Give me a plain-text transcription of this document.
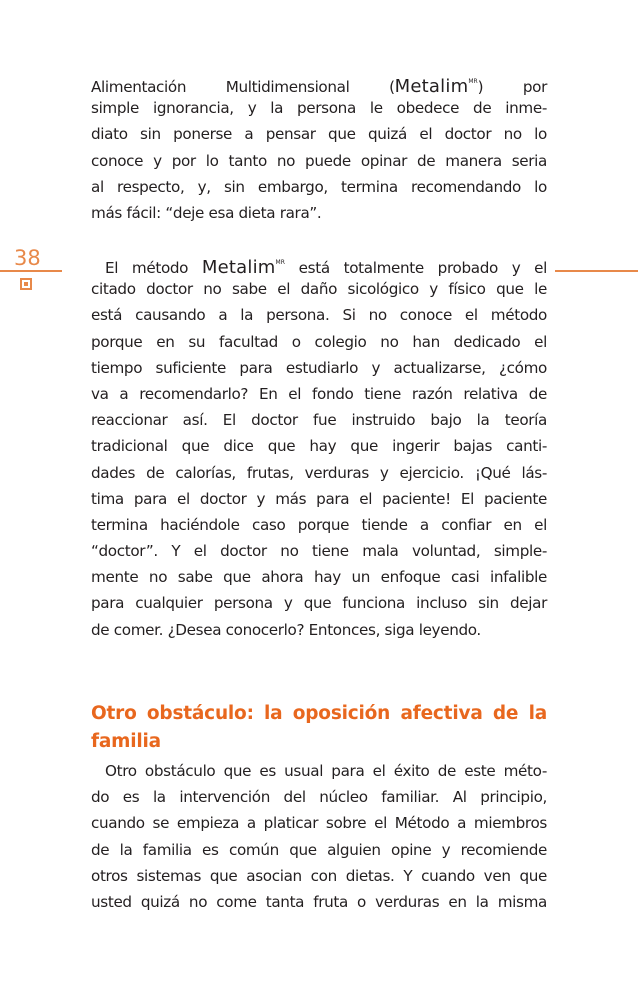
38
Alimentación Multidimensional (Metalim$^{MR}$) por
simple ignorancia, y la persona le obedece de inme-
diato sin ponerse a pensar que quizá el doctor no lo
conoce y por lo tanto no puede opinar de manera seria
al respecto, y, sin embargo, termina recomendando lo
más fácil: “deje esa dieta rara”.
El método Metalim$^{MR}$ está totalmente probado y el
citado doctor no sabe el daño sicológico y físico que le
está causando a la persona. Si no conoce el método
porque en su facultad o colegio no han dedicado el
tiempo suficiente para estudiarlo y actualizarse, ¿cómo
va a recomendarlo? En el fondo tiene razón relativa de
reaccionar así. El doctor fue instruido bajo la teoría
tradicional que dice que hay que ingerir bajas canti-
dades de calorías, frutas, verduras y ejercicio. ¡Qué lás-
tima para el doctor y más para el paciente! El paciente
termina haciéndole caso porque tiende a confiar en el
“doctor”. Y el doctor no tiene mala voluntad, simple-
mente no sabe que ahora hay un enfoque casi infalible
para cualquier persona y que funciona incluso sin dejar
de comer. ¿Desea conocerlo? Entonces, siga leyendo.
Otro obstáculo: la oposición afectiva de la
familia
Otro obstáculo que es usual para el éxito de este méto-
do es la intervención del núcleo familiar. Al principio,
cuando se empieza a platicar sobre el Método a miembros
de la familia es común que alguien opine y recomiende
otros sistemas que asocian con dietas. Y cuando ven que
usted quizá no come tanta fruta o verduras en la misma
